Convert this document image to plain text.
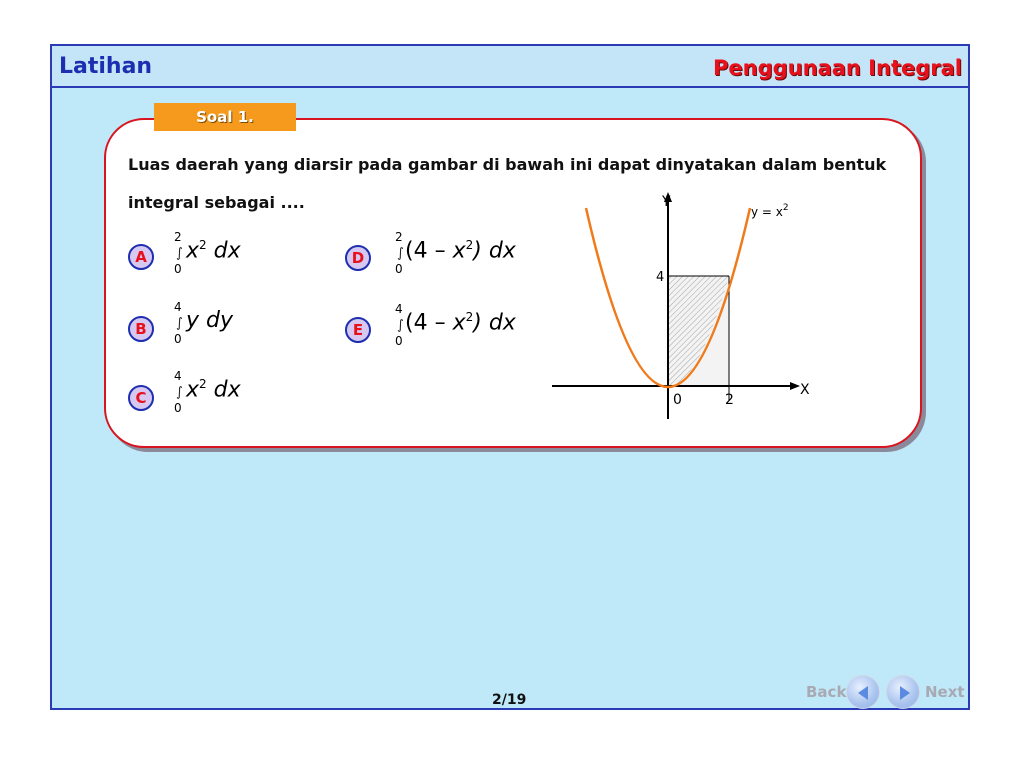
Latihan	Penggunaan Integral
Soal 1.
Luas daerah yang diarsir pada gambar di bawah ini dapat dinyatakan dalam bentuk integral sebagai ....
A
2
∫
0
$x^2$ dx
B
4
∫
0
y dy
C
4
∫
0
$x^2$ dx
D
2
∫
0
$(4 - x^2)$ dx
E
4
∫
0
$(4 - x^2)$ dx
Y
X
4
0	2
$y = x^2$
2/19	Back	Next
